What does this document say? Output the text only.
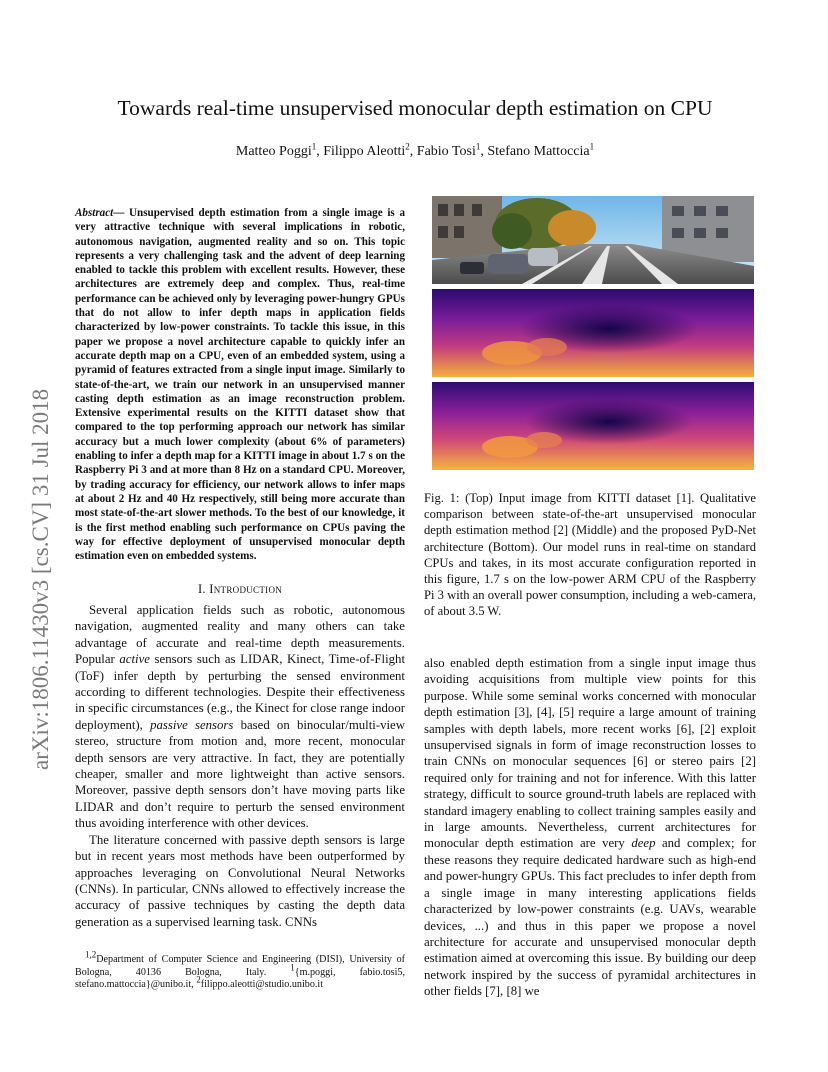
arXiv:1806.11430v3 [cs.CV] 31 Jul 2018
Towards real-time unsupervised monocular depth estimation on CPU
Matteo Poggi$^1$, Filippo Aleotti$^2$, Fabio Tosi$^1$, Stefano Mattoccia$^1$
Abstract— Unsupervised depth estimation from a single image is a very attractive technique with several implications in robotic, autonomous navigation, augmented reality and so on. This topic represents a very challenging task and the advent of deep learning enabled to tackle this problem with excellent results. However, these architectures are extremely deep and complex. Thus, real-time performance can be achieved only by leveraging power-hungry GPUs that do not allow to infer depth maps in application fields characterized by low-power constraints. To tackle this issue, in this paper we propose a novel architecture capable to quickly infer an accurate depth map on a CPU, even of an embedded system, using a pyramid of features extracted from a single input image. Similarly to state-of-the-art, we train our network in an unsupervised manner casting depth estimation as an image reconstruction problem. Extensive experimental results on the KITTI dataset show that compared to the top performing approach our network has similar accuracy but a much lower complexity (about 6% of parameters) enabling to infer a depth map for a KITTI image in about 1.7 s on the Raspberry Pi 3 and at more than 8 Hz on a standard CPU. Moreover, by trading accuracy for efficiency, our network allows to infer maps at about 2 Hz and 40 Hz respectively, still being more accurate than most state-of-the-art slower methods. To the best of our knowledge, it is the first method enabling such performance on CPUs paving the way for effective deployment of unsupervised monocular depth estimation even on embedded systems.
I. Introduction

Several application fields such as robotic, autonomous navigation, augmented reality and many others can take advantage of accurate and real-time depth measurements. Popular active sensors such as LIDAR, Kinect, Time-of-Flight (ToF) infer depth by perturbing the sensed environment according to different technologies. Despite their effectiveness in specific circumstances (e.g., the Kinect for close range indoor deployment), passive sensors based on binocular/multi-view stereo, structure from motion and, more recent, monocular depth sensors are very attractive. In fact, they are potentially cheaper, smaller and more lightweight than active sensors. Moreover, passive depth sensors don’t have moving parts like LIDAR and don’t require to perturb the sensed environment thus avoiding interference with other devices.

The literature concerned with passive depth sensors is large but in recent years most methods have been outperformed by approaches leveraging on Convolutional Neural Networks (CNNs). In particular, CNNs allowed to effectively increase the accuracy of passive techniques by casting the depth data generation as a supervised learning task. CNNs

$^{1,2}$Department of Computer Science and Engineering (DISI), University of Bologna, 40136 Bologna, Italy. $^1${m.poggi, fabio.tosi5, stefano.mattoccia}@unibo.it, $^2$filippo.aleotti@studio.unibo.it

Fig. 1: (Top) Input image from KITTI dataset [1]. Qualitative comparison between state-of-the-art unsupervised monocular depth estimation method [2] (Middle) and the proposed PyD-Net architecture (Bottom). Our model runs in real-time on standard CPUs and takes, in its most accurate configuration reported in this figure, 1.7 s on the low-power ARM CPU of the Raspberry Pi 3 with an overall power consumption, including a web-camera, of about 3.5 W.

also enabled depth estimation from a single input image thus avoiding acquisitions from multiple view points for this purpose. While some seminal works concerned with monocular depth estimation [3], [4], [5] require a large amount of training samples with depth labels, more recent works [6], [2] exploit unsupervised signals in form of image reconstruction losses to train CNNs on monocular sequences [6] or stereo pairs [2] required only for training and not for inference. With this latter strategy, difficult to source ground-truth labels are replaced with standard imagery enabling to collect training samples easily and in large amounts. Nevertheless, current architectures for monocular depth estimation are very deep and complex; for these reasons they require dedicated hardware such as high-end and power-hungry GPUs. This fact precludes to infer depth from a single image in many interesting applications fields characterized by low-power constraints (e.g. UAVs, wearable devices, ...) and thus in this paper we propose a novel architecture for accurate and unsupervised monocular depth estimation aimed at overcoming this issue. By building our deep network inspired by the success of pyramidal architectures in other fields [7], [8] we
